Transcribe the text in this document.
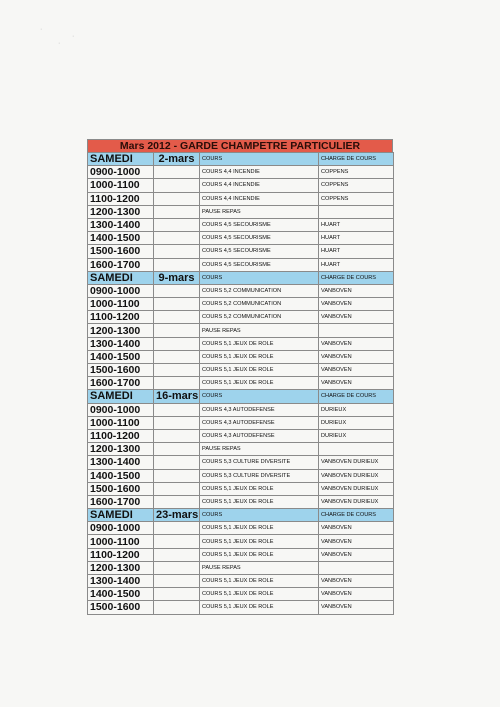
·
·
·
Mars 2012 - GARDE CHAMPETRE PARTICULIER
SAMEDI	2-mars	COURS	CHARGE DE COURS
0900-1000		COURS 4,4 INCENDIE	COPPENS
1000-1100		COURS 4,4 INCENDIE	COPPENS
1100-1200		COURS 4,4 INCENDIE	COPPENS
1200-1300		PAUSE REPAS	
1300-1400		COURS 4,5 SECOURISME	HUART
1400-1500		COURS 4,5 SECOURISME	HUART
1500-1600		COURS 4,5 SECOURISME	HUART
1600-1700		COURS 4,5 SECOURISME	HUART
SAMEDI	9-mars	COURS	CHARGE DE COURS
0900-1000		COURS 5,2 COMMUNICATION	VANBOVEN
1000-1100		COURS 5,2 COMMUNICATION	VANBOVEN
1100-1200		COURS 5,2 COMMUNICATION	VANBOVEN
1200-1300		PAUSE REPAS	
1300-1400		COURS 5,1 JEUX DE ROLE	VANBOVEN
1400-1500		COURS 5,1 JEUX DE ROLE	VANBOVEN
1500-1600		COURS 5,1 JEUX DE ROLE	VANBOVEN
1600-1700		COURS 5,1 JEUX DE ROLE	VANBOVEN
SAMEDI	16-mars	COURS	CHARGE DE COURS
0900-1000		COURS 4,3 AUTODEFENSE	DURIEUX
1000-1100		COURS 4,3 AUTODEFENSE	DURIEUX
1100-1200		COURS 4,3 AUTODEFENSE	DURIEUX
1200-1300		PAUSE REPAS	
1300-1400		COURS 5,3 CULTURE DIVERSITE	VANBOVEN DURIEUX
1400-1500		COURS 5,3 CULTURE DIVERSITE	VANBOVEN DURIEUX
1500-1600		COURS 5,1 JEUX DE ROLE	VANBOVEN DURIEUX
1600-1700		COURS 5,1 JEUX DE ROLE	VANBOVEN DURIEUX
SAMEDI	23-mars	COURS	CHARGE DE COURS
0900-1000		COURS 5,1 JEUX DE ROLE	VANBOVEN
1000-1100		COURS 5,1 JEUX DE ROLE	VANBOVEN
1100-1200		COURS 5,1 JEUX DE ROLE	VANBOVEN
1200-1300		PAUSE REPAS	
1300-1400		COURS 5,1 JEUX DE ROLE	VANBOVEN
1400-1500		COURS 5,1 JEUX DE ROLE	VANBOVEN
1500-1600		COURS 5,1 JEUX DE ROLE	VANBOVEN
